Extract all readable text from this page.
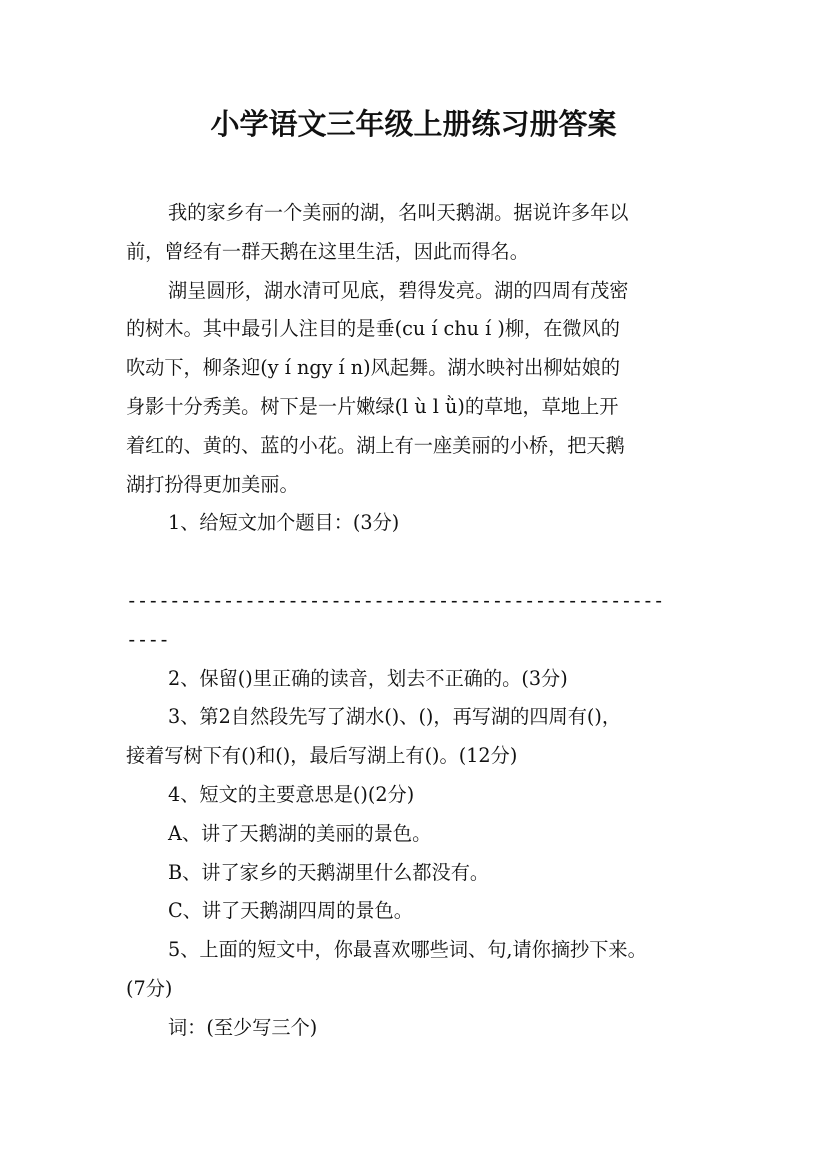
小学语文三年级上册练习册答案
我的家乡有一个美丽的湖，名叫天鹅湖。据说许多年以
前，曾经有一群天鹅在这里生活，因此而得名。
湖呈圆形，湖水清可见底，碧得发亮。湖的四周有茂密
的树木。其中最引人注目的是垂(cu í chu í )柳，在微风的
吹动下，柳条迎(y í ngy í n)风起舞。湖水映衬出柳姑娘的
身影十分秀美。树下是一片嫩绿(l ù l ǜ)的草地，草地上开
着红的、黄的、蓝的小花。湖上有一座美丽的小桥，把天鹅
湖打扮得更加美丽。
1、给短文加个题目：(3分)
--------------------------------------------------
----
2、保留()里正确的读音，划去不正确的。(3分)
3、第2自然段先写了湖水()、()，再写湖的四周有()，
接着写树下有()和()，最后写湖上有()。(12分)
4、短文的主要意思是()(2分)
A、讲了天鹅湖的美丽的景色。
B、讲了家乡的天鹅湖里什么都没有。
C、讲了天鹅湖四周的景色。
5、上面的短文中，你最喜欢哪些词、句,请你摘抄下来。
(7分)
词：(至少写三个)
